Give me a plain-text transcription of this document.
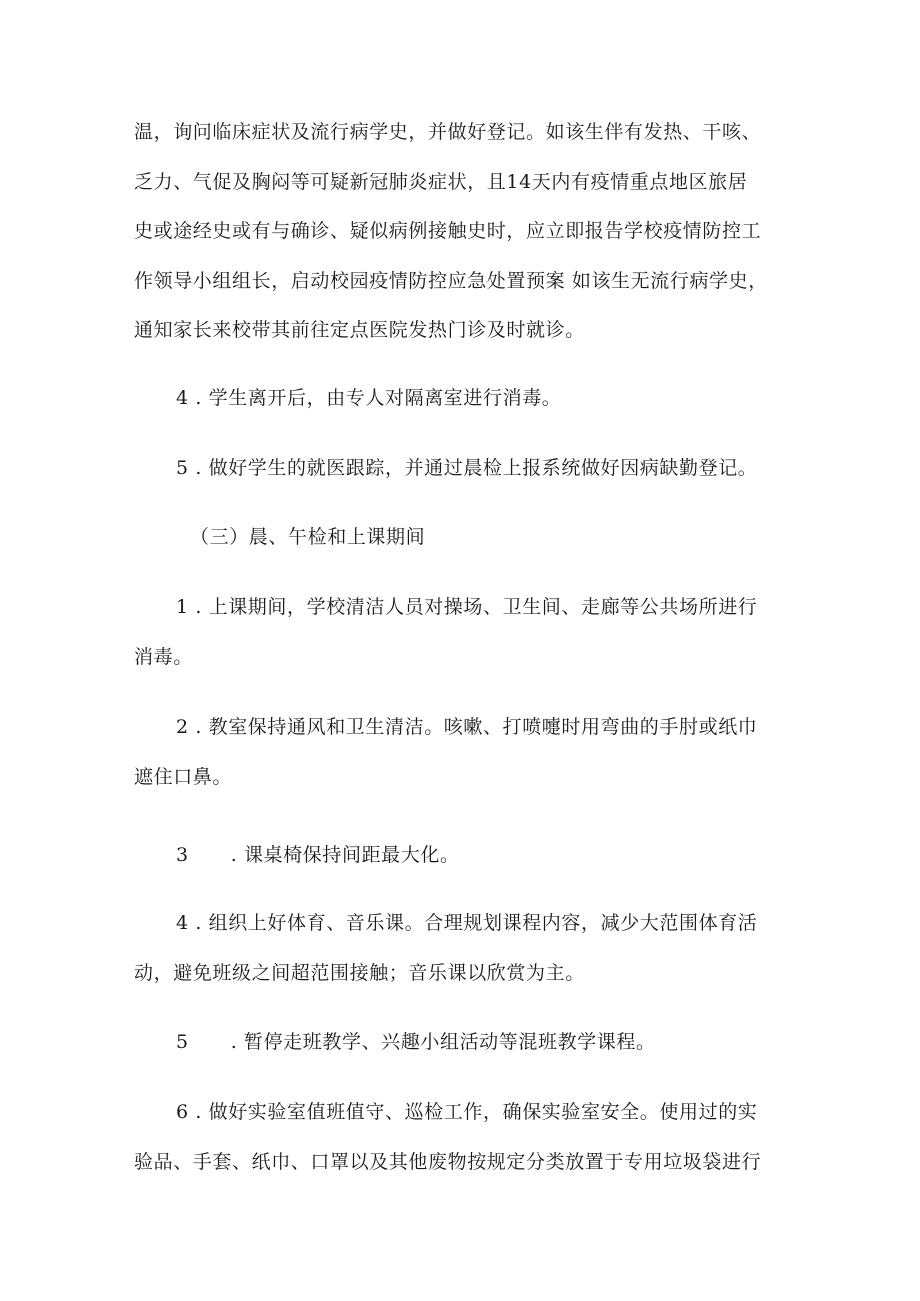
温，询问临床症状及流行病学史，并做好登记。如该生伴有发热、干咳、
乏力、气促及胸闷等可疑新冠肺炎症状，且14天内有疫情重点地区旅居
史或途经史或有与确诊、疑似病例接触史时，应立即报告学校疫情防控工
作领导小组组长，启动校园疫情防控应急处置预案 如该生无流行病学史，
通知家长来校带其前往定点医院发热门诊及时就诊。
4 . 学生离开后，由专人对隔离室进行消毒。
5 . 做好学生的就医跟踪，并通过晨检上报系统做好因病缺勤登记。
（三）晨、午检和上课期间
1 . 上课期间，学校清洁人员对操场、卫生间、走廊等公共场所进行
消毒。
2 . 教室保持通风和卫生清洁。咳嗽、打喷嚏时用弯曲的手肘或纸巾
遮住口鼻。
3 . 课桌椅保持间距最大化。
4 . 组织上好体育、音乐课。合理规划课程内容，减少大范围体育活
动，避免班级之间超范围接触；音乐课以欣赏为主。
5 . 暂停走班教学、兴趣小组活动等混班教学课程。
6 . 做好实验室值班值守、巡检工作，确保实验室安全。使用过的实
验品、手套、纸巾、口罩以及其他废物按规定分类放置于专用垃圾袋进行
